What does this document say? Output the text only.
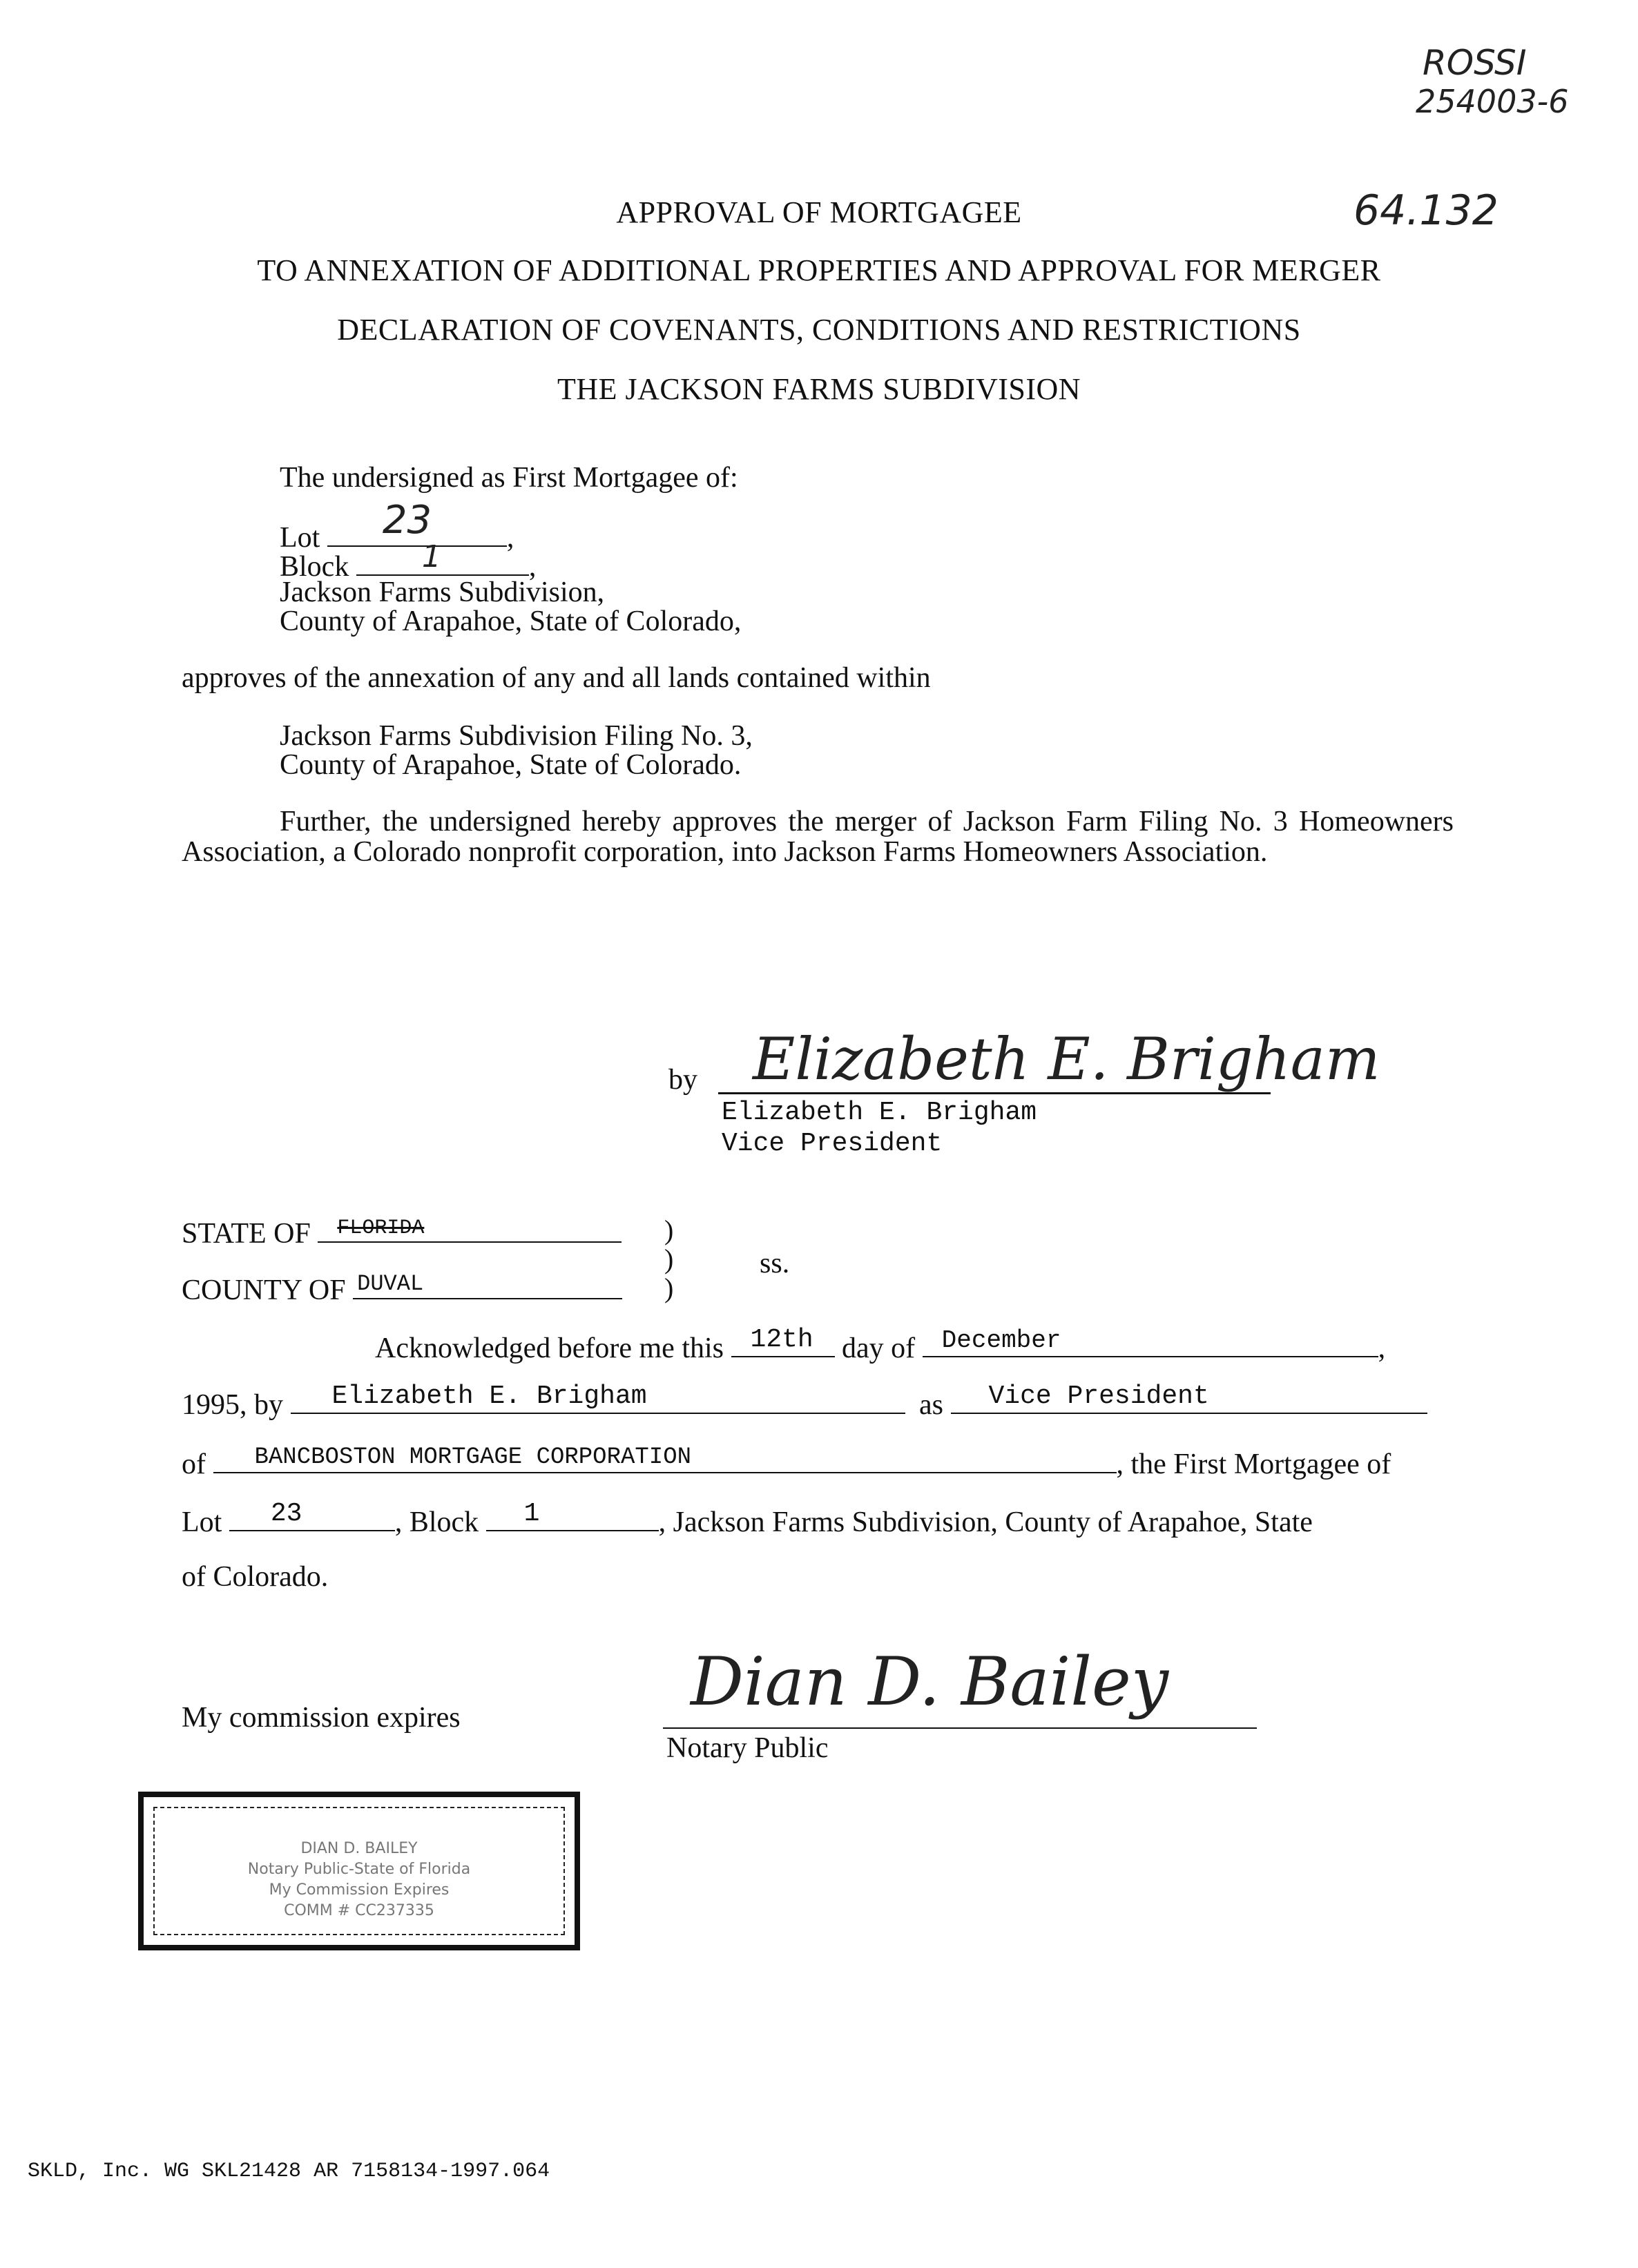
ROSSI
254003-6
64.132
APPROVAL OF MORTGAGEE
TO ANNEXATION OF ADDITIONAL PROPERTIES AND APPROVAL FOR MERGER
DECLARATION OF COVENANTS, CONDITIONS AND RESTRICTIONS
THE JACKSON FARMS SUBDIVISION
The undersigned as First Mortgagee of:
Lot 23	,
Block 1	,
Jackson Farms Subdivision,
County of Arapahoe, State of Colorado,
approves of the annexation of any and all lands contained within
Jackson Farms Subdivision Filing No. 3,
County of Arapahoe, State of Colorado.
Further, the undersigned hereby approves the merger of Jackson Farm Filing No. 3 Homeowners Association, a Colorado nonprofit corporation, into Jackson Farms Homeowners Association.
by Elizabeth E. Brigham
Elizabeth E. Brigham
Vice President
STATE OF FLORIDA
COUNTY OF DUVAL
)
)
)
ss.
Acknowledged before me this 12th day of December	,
1995, by Elizabeth E. Brigham	as Vice President
of BANCBOSTON MORTGAGE CORPORATION	, the First Mortgagee of
Lot 23	, Block 1	, Jackson Farms Subdivision, County of Arapahoe, State
of Colorado.
My commission expires	Dian D. Bailey
Notary Public
DIAN D. BAILEY
Notary Public-State of Florida
My Commission Expires
COMM # CC237335
SKLD, Inc. WG SKL21428 AR 7158134-1997.064
